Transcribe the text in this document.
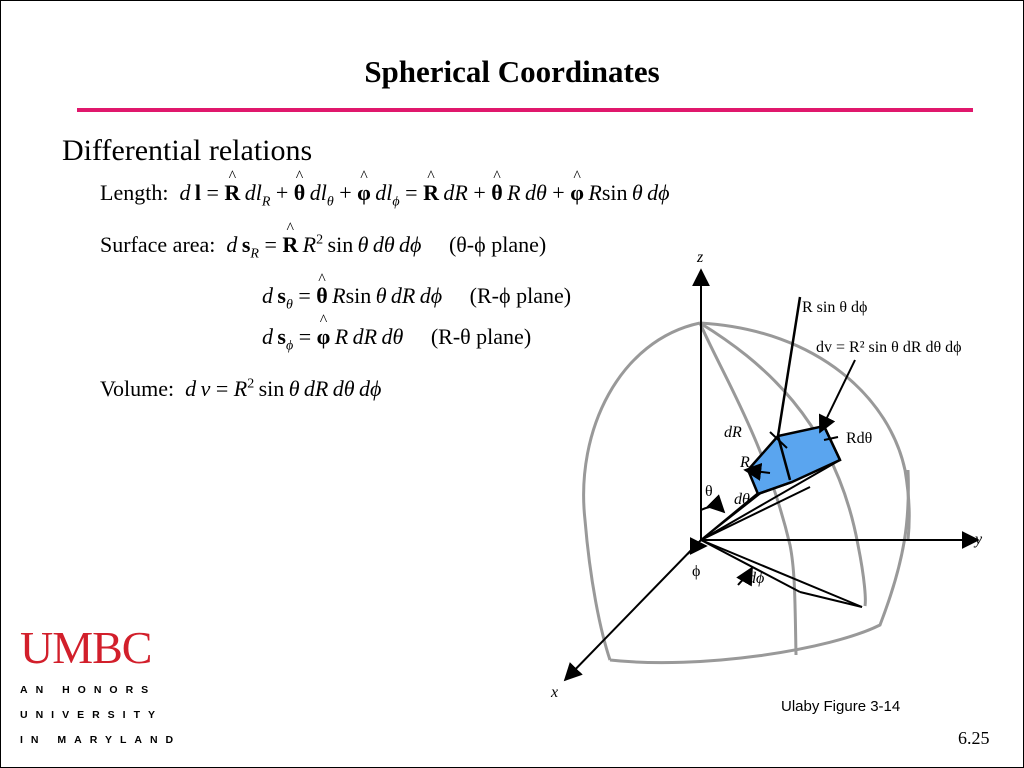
Spherical Coordinates
Differential relations
Length: d  l = ^ R  $dl_R$ + ^ θ  $dl_\theta$ + ^ φ  $dl_\phi$ = ^ R  dR + ^ θ  R  dθ + ^ φ  Rsin θ  dϕ
Surface area: d  $s_R$ = ^ R  $R^2$ sin θ  dθ  dϕ (θ-ϕ plane)
d  $s_\theta$ = ^ θ  Rsin θ  dR  dϕ (R-ϕ plane)
d  $s_\phi$ = ^ φ  R  dR  dθ (R-θ plane)
Volume: d  $v = R^2$ sin θ  dR  dθ  dϕ
z
y
x
R sin θ dϕ
dv = R² sin θ dR dθ dϕ
dR
R
Rdθ
θ dθ
ϕ	dϕ
Ulaby Figure 3-14
6.25
UMBC
AN HONORS
UNIVERSITY
IN MARYLAND
